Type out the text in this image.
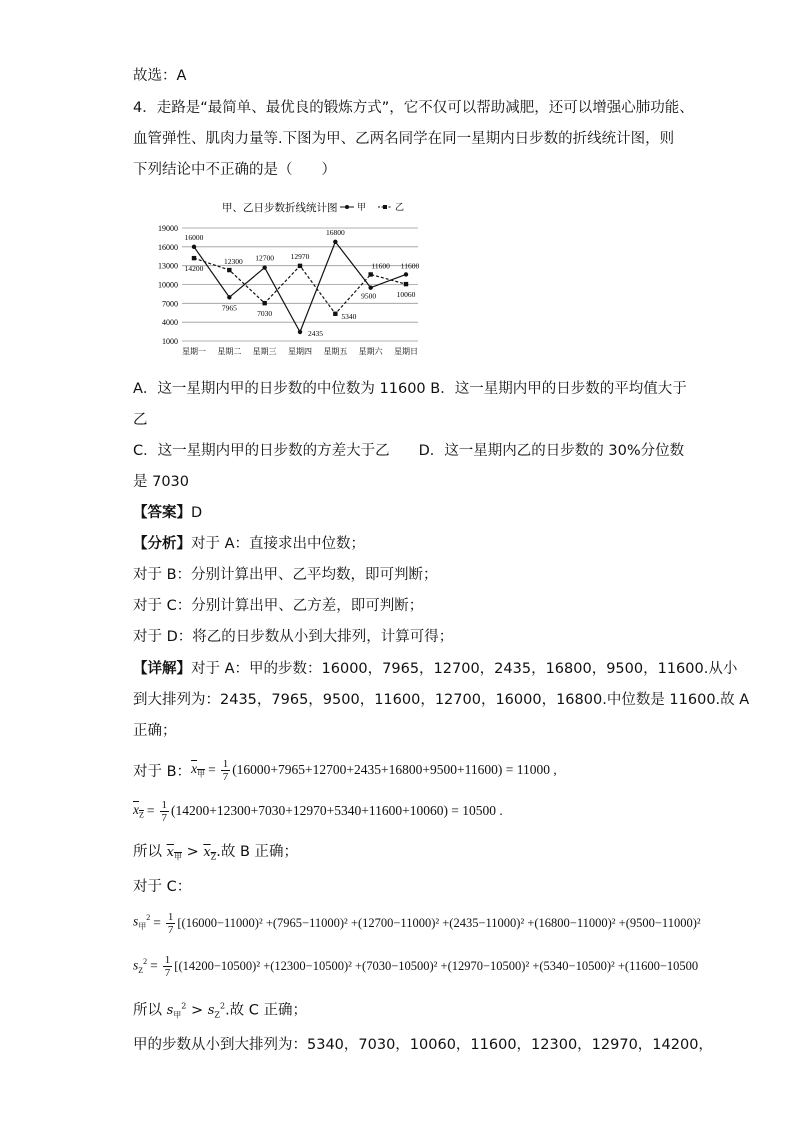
故选：A
4．走路是“最简单、最优良的锻炼方式”，它不仅可以帮助减肥，还可以增强心肺功能、
血管弹性、肌肉力量等.下图为甲、乙两名同学在同一星期内日步数的折线统计图，则
下列结论中不正确的是（　　）
甲、乙日步数折线统计图 甲	乙
1000
4000
7000
10000
13000
16000
19000
星期一 星期二 星期三 星期四 星期五 星期六 星期日
16000
7965
12700
2435
16800
9500
11600
14200
12300
7030
12970
5340
11600
10060
A．这一星期内甲的日步数的中位数为 11600 B．这一星期内甲的日步数的平均值大于
乙
C．这一星期内甲的日步数的方差大于乙　　D．这一星期内乙的日步数的 30%分位数
是 7030
【答案】D
【分析】对于 A：直接求出中位数；
对于 B：分别计算出甲、乙平均数，即可判断；
对于 C：分别计算出甲、乙方差，即可判断；
对于 D：将乙的日步数从小到大排列，计算可得；
【详解】对于 A：甲的步数：16000，7965，12700，2435，16800，9500，11600.从小
到大排列为：2435，7965，9500，11600，12700，16000，16800.中位数是 11600.故 A
正确；
对于 B： $x_甲 = \frac{1}{7} (16000+7965+12700+2435+16800+9500+11600) = 11000$ ,
$x_Z = \frac{1}{7} (14200+12300+7030+12970+5340+11600+10060) = 10500$ .
所以 $x_甲 > x_Z$.故 B 正确；
对于 C：
$s_甲^2 = \frac{1}{7} [(16000-11000)^2 +(7965-11000)^2 +(12700-11000)^2 +(2435-11000)^2 +(16800-11000)^2 +(9500-11000)^2$
$s_Z^2 = \frac{1}{7} [(14200-10500)^2 +(12300-10500)^2 +(7030-10500)^2 +(12970-10500)^2 +(5340-10500)^2 +(11600-10500$
所以 $s_甲^2 > s_Z^2$.故 C 正确；
甲的步数从小到大排列为：5340，7030，10060，11600，12300，12970，14200，
